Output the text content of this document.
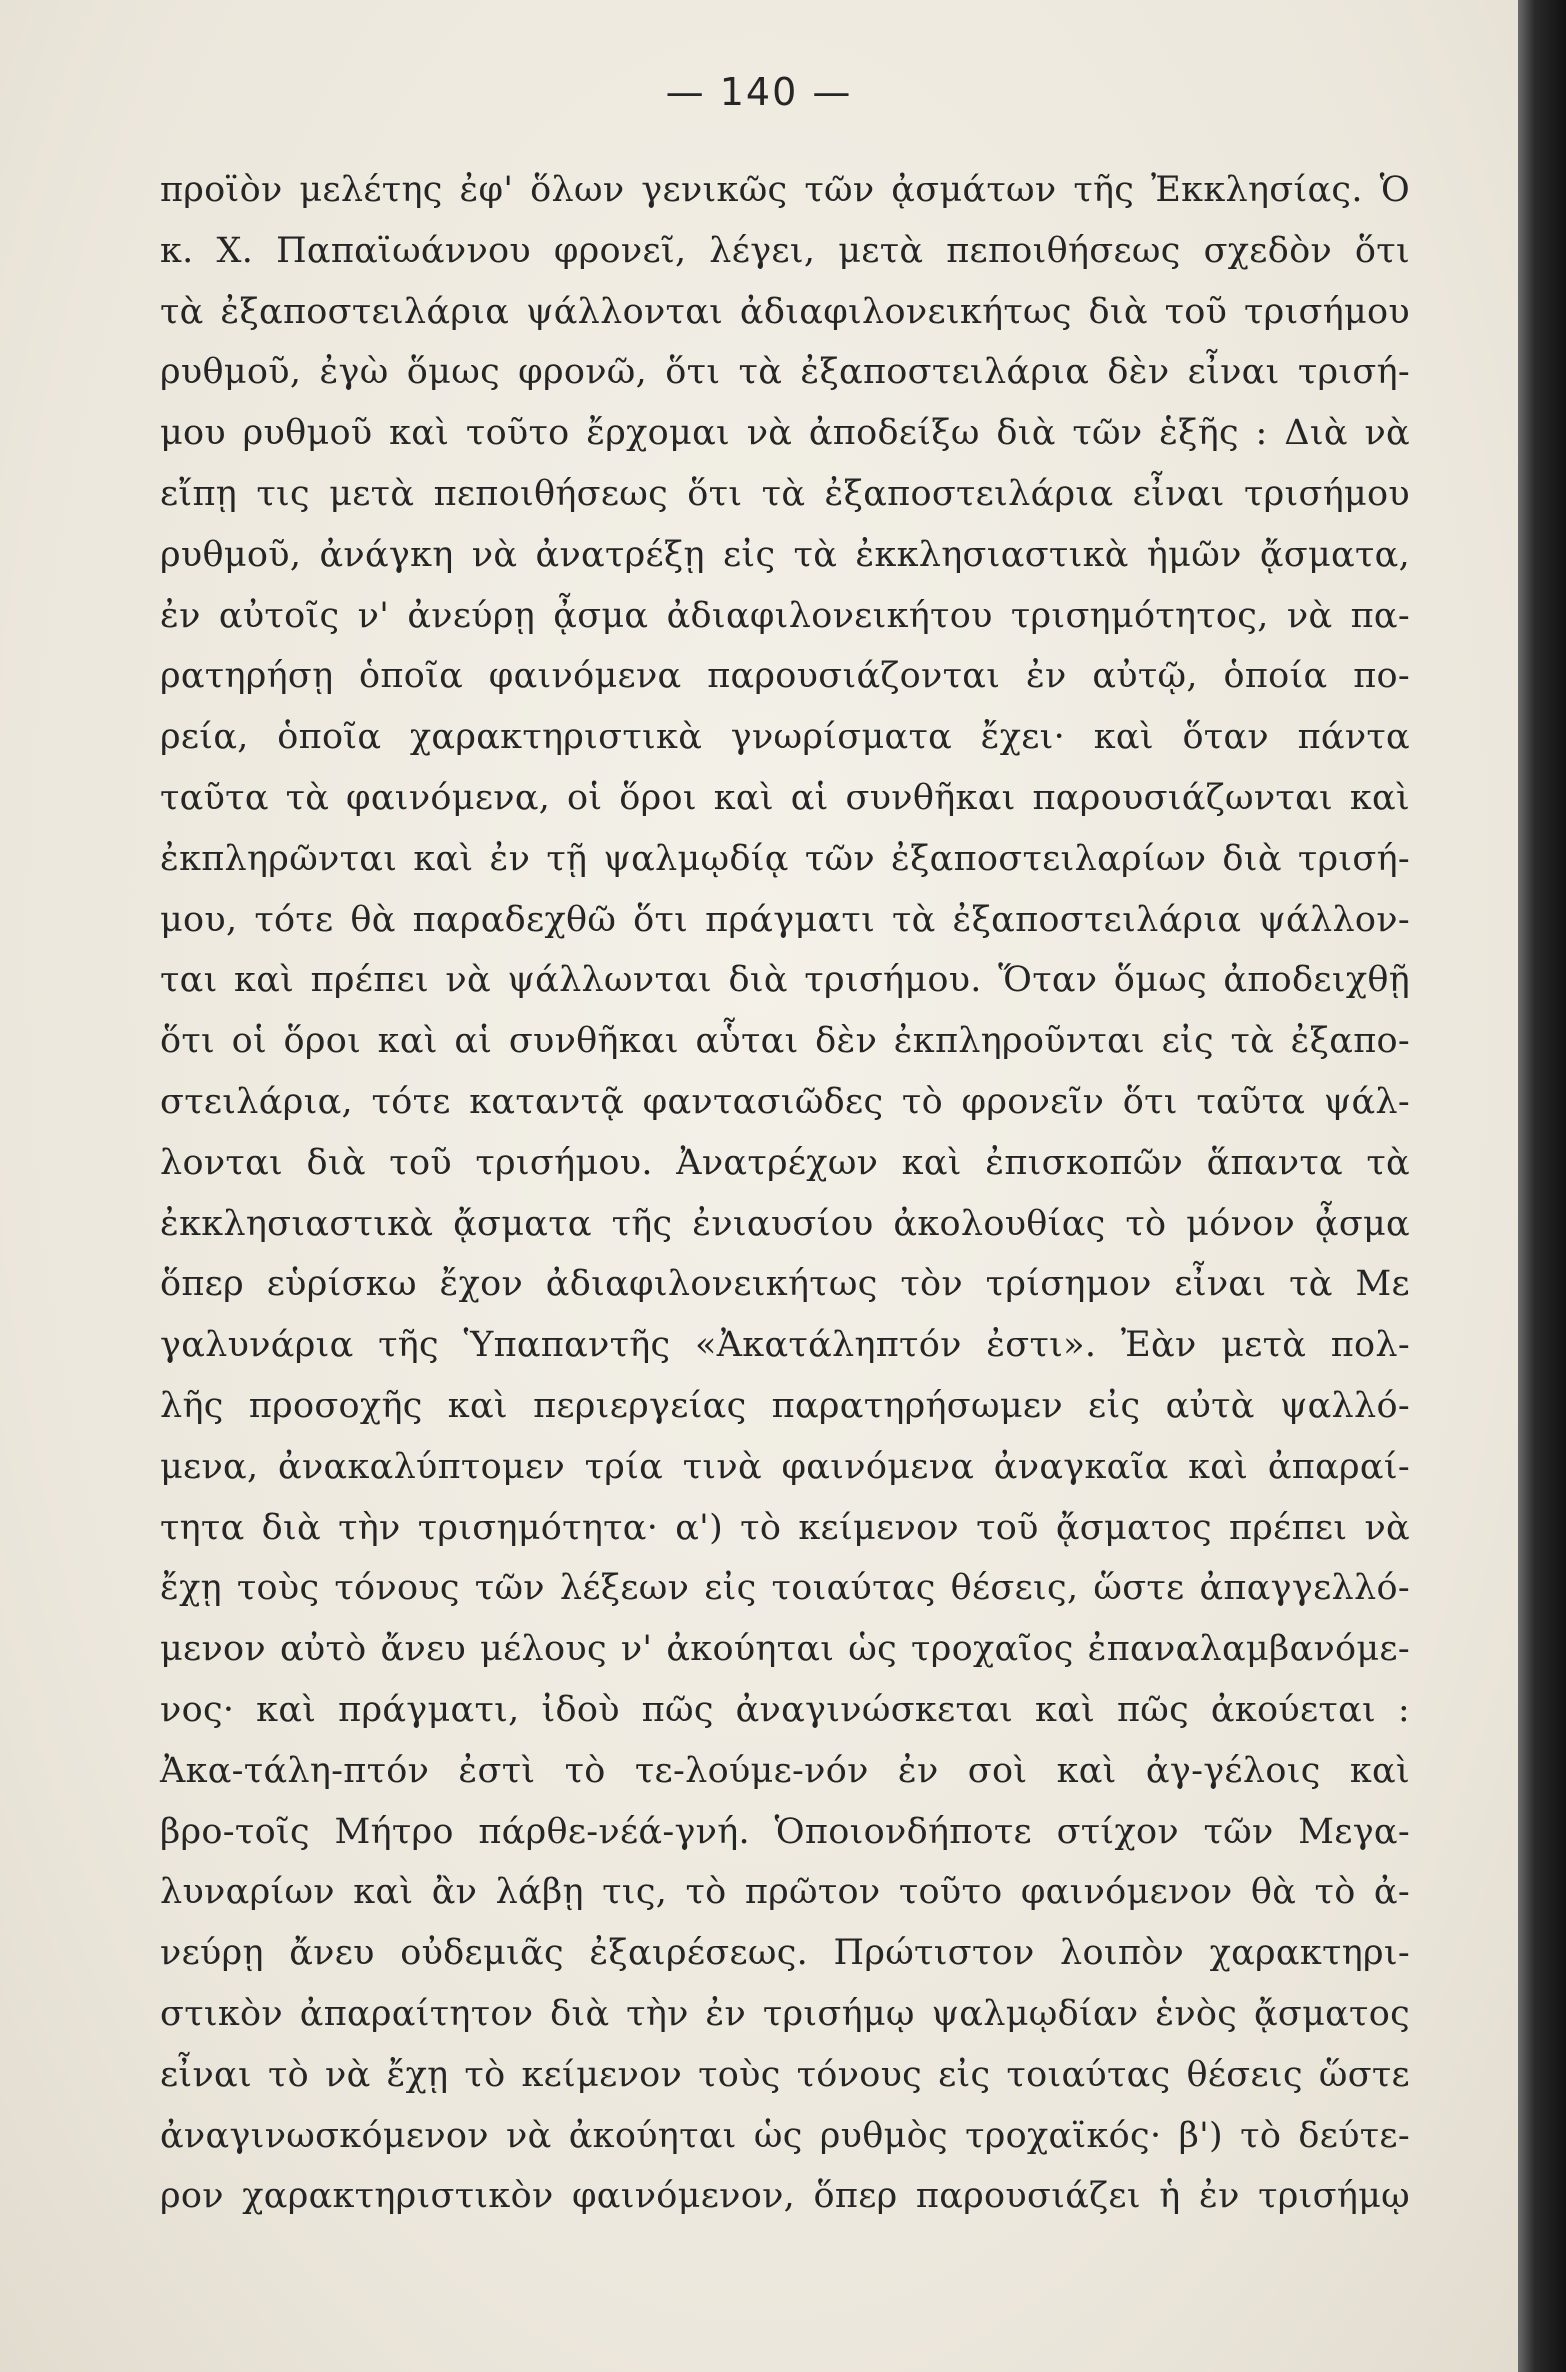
— 140 —
προϊὸν μελέτης ἐφ' ὅλων γενικῶς τῶν ᾀσμάτων τῆς Ἐκκλησίας. Ὁ
κ. Χ. Παπαϊωάννου φρονεῖ, λέγει, μετὰ πεποιθήσεως σχεδὸν ὅτι
τὰ ἐξαποστειλάρια ψάλλονται ἀδιαφιλονεικήτως διὰ τοῦ τρισήμου
ρυθμοῦ, ἐγὼ ὅμως φρονῶ, ὅτι τὰ ἐξαποστειλάρια δὲν εἶναι τρισή-
μου ρυθμοῦ καὶ τοῦτο ἔρχομαι νὰ ἀποδείξω διὰ τῶν ἑξῆς : Διὰ νὰ
εἴπῃ τις μετὰ πεποιθήσεως ὅτι τὰ ἐξαποστειλάρια εἶναι τρισήμου
ρυθμοῦ, ἀνάγκη νὰ ἀνατρέξῃ εἰς τὰ ἐκκλησιαστικὰ ἡμῶν ᾄσματα,
ἐν αὐτοῖς ν' ἀνεύρῃ ᾆσμα ἀδιαφιλονεικήτου τρισημότητος, νὰ πα-
ρατηρήσῃ ὁποῖα φαινόμενα παρουσιάζονται ἐν αὐτῷ, ὁποία πο-
ρεία, ὁποῖα χαρακτηριστικὰ γνωρίσματα ἔχει· καὶ ὅταν πάντα
ταῦτα τὰ φαινόμενα, οἱ ὅροι καὶ αἱ συνθῆκαι παρουσιάζωνται καὶ
ἐκπληρῶνται καὶ ἐν τῇ ψαλμῳδίᾳ τῶν ἐξαποστειλαρίων διὰ τρισή-
μου, τότε θὰ παραδεχθῶ ὅτι πράγματι τὰ ἐξαποστειλάρια ψάλλον-
ται καὶ πρέπει νὰ ψάλλωνται διὰ τρισήμου. Ὅταν ὅμως ἀποδειχθῇ
ὅτι οἱ ὅροι καὶ αἱ συνθῆκαι αὗται δὲν ἐκπληροῦνται εἰς τὰ ἐξαπο-
στειλάρια, τότε καταντᾷ φαντασιῶδες τὸ φρονεῖν ὅτι ταῦτα ψάλ-
λονται διὰ τοῦ τρισήμου. Ἀνατρέχων καὶ ἐπισκοπῶν ἅπαντα τὰ
ἐκκλησιαστικὰ ᾄσματα τῆς ἐνιαυσίου ἀκολουθίας τὸ μόνον ᾆσμα
ὅπερ εὑρίσκω ἔχον ἀδιαφιλονεικήτως τὸν τρίσημον εἶναι τὰ Με
γαλυνάρια τῆς Ὑπαπαντῆς «Ἀκατάληπτόν ἐστι». Ἐὰν μετὰ πολ-
λῆς προσοχῆς καὶ περιεργείας παρατηρήσωμεν εἰς αὐτὰ ψαλλό-
μενα, ἀνακαλύπτομεν τρία τινὰ φαινόμενα ἀναγκαῖα καὶ ἀπαραί-
τητα διὰ τὴν τρισημότητα· α') τὸ κείμενον τοῦ ᾄσματος πρέπει νὰ
ἔχῃ τοὺς τόνους τῶν λέξεων εἰς τοιαύτας θέσεις, ὥστε ἀπαγγελλό-
μενον αὐτὸ ἄνευ μέλους ν' ἀκούηται ὡς τροχαῖος ἐπαναλαμβανόμε-
νος· καὶ πράγματι, ἰδοὺ πῶς ἀναγινώσκεται καὶ πῶς ἀκούεται :
Ἀκα-τάλη-πτόν ἐστὶ τὸ τε-λούμε-νόν ἐν σοὶ καὶ ἀγ-γέλοις καὶ
βρο-τοῖς Μήτρο πάρθε-νέά-γνή. Ὁποιονδήποτε στίχον τῶν Μεγα-
λυναρίων καὶ ἂν λάβῃ τις, τὸ πρῶτον τοῦτο φαινόμενον θὰ τὸ ἀ-
νεύρῃ ἄνευ οὐδεμιᾶς ἐξαιρέσεως. Πρώτιστον λοιπὸν χαρακτηρι-
στικὸν ἀπαραίτητον διὰ τὴν ἐν τρισήμῳ ψαλμῳδίαν ἑνὸς ᾄσματος
εἶναι τὸ νὰ ἔχῃ τὸ κείμενον τοὺς τόνους εἰς τοιαύτας θέσεις ὥστε
ἀναγινωσκόμενον νὰ ἀκούηται ὡς ρυθμὸς τροχαϊκός· β') τὸ δεύτε-
ρον χαρακτηριστικὸν φαινόμενον, ὅπερ παρουσιάζει ἡ ἐν τρισήμῳ
